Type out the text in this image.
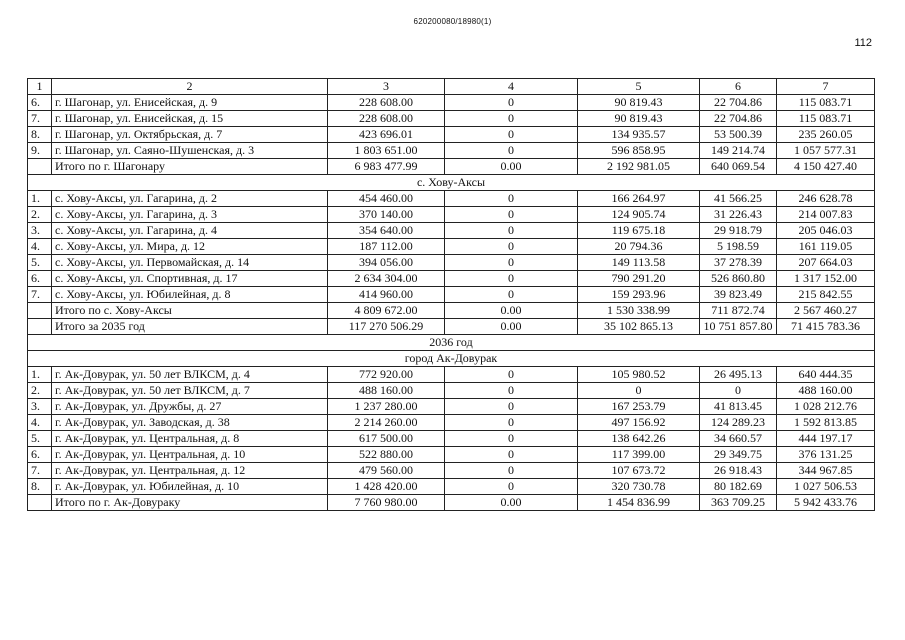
620200080/18980(1)
112
1	2	3	4	5	6	7
6.	г. Шагонар, ул. Енисейская, д. 9	228 608.00	0	90 819.43	22 704.86	115 083.71
7.	г. Шагонар, ул. Енисейская, д. 15	228 608.00	0	90 819.43	22 704.86	115 083.71
8.	г. Шагонар, ул. Октябрьская, д. 7	423 696.01	0	134 935.57	53 500.39	235 260.05
9.	г. Шагонар, ул. Саяно-Шушенская, д. 3	1 803 651.00	0	596 858.95	149 214.74	1 057 577.31
	Итого по г. Шагонару	6 983 477.99	0.00	2 192 981.05	640 069.54	4 150 427.40
с. Хову-Аксы						
1.	с. Хову-Аксы, ул. Гагарина, д. 2	454 460.00	0	166 264.97	41 566.25	246 628.78
2.	с. Хову-Аксы, ул. Гагарина, д. 3	370 140.00	0	124 905.74	31 226.43	214 007.83
3.	с. Хову-Аксы, ул. Гагарина, д. 4	354 640.00	0	119 675.18	29 918.79	205 046.03
4.	с. Хову-Аксы, ул. Мира, д. 12	187 112.00	0	20 794.36	5 198.59	161 119.05
5.	с. Хову-Аксы, ул. Первомайская, д. 14	394 056.00	0	149 113.58	37 278.39	207 664.03
6.	с. Хову-Аксы, ул. Спортивная, д. 17	2 634 304.00	0	790 291.20	526 860.80	1 317 152.00
7.	с. Хову-Аксы, ул. Юбилейная, д. 8	414 960.00	0	159 293.96	39 823.49	215 842.55
	Итого по с. Хову-Аксы	4 809 672.00	0.00	1 530 338.99	711 872.74	2 567 460.27
	Итого за 2035 год	117 270 506.29	0.00	35 102 865.13	10 751 857.80	71 415 783.36
2036 год						
город Ак-Довурак						
1.	г. Ак-Довурак, ул. 50 лет ВЛКСМ, д. 4	772 920.00	0	105 980.52	26 495.13	640 444.35
2.	г. Ак-Довурак, ул. 50 лет ВЛКСМ, д. 7	488 160.00	0	0	0	488 160.00
3.	г. Ак-Довурак, ул. Дружбы, д. 27	1 237 280.00	0	167 253.79	41 813.45	1 028 212.76
4.	г. Ак-Довурак, ул. Заводская, д. 38	2 214 260.00	0	497 156.92	124 289.23	1 592 813.85
5.	г. Ак-Довурак, ул. Центральная, д. 8	617 500.00	0	138 642.26	34 660.57	444 197.17
6.	г. Ак-Довурак, ул. Центральная, д. 10	522 880.00	0	117 399.00	29 349.75	376 131.25
7.	г. Ак-Довурак, ул. Центральная, д. 12	479 560.00	0	107 673.72	26 918.43	344 967.85
8.	г. Ак-Довурак, ул. Юбилейная, д. 10	1 428 420.00	0	320 730.78	80 182.69	1 027 506.53
	Итого по г. Ак-Довураку	7 760 980.00	0.00	1 454 836.99	363 709.25	5 942 433.76
